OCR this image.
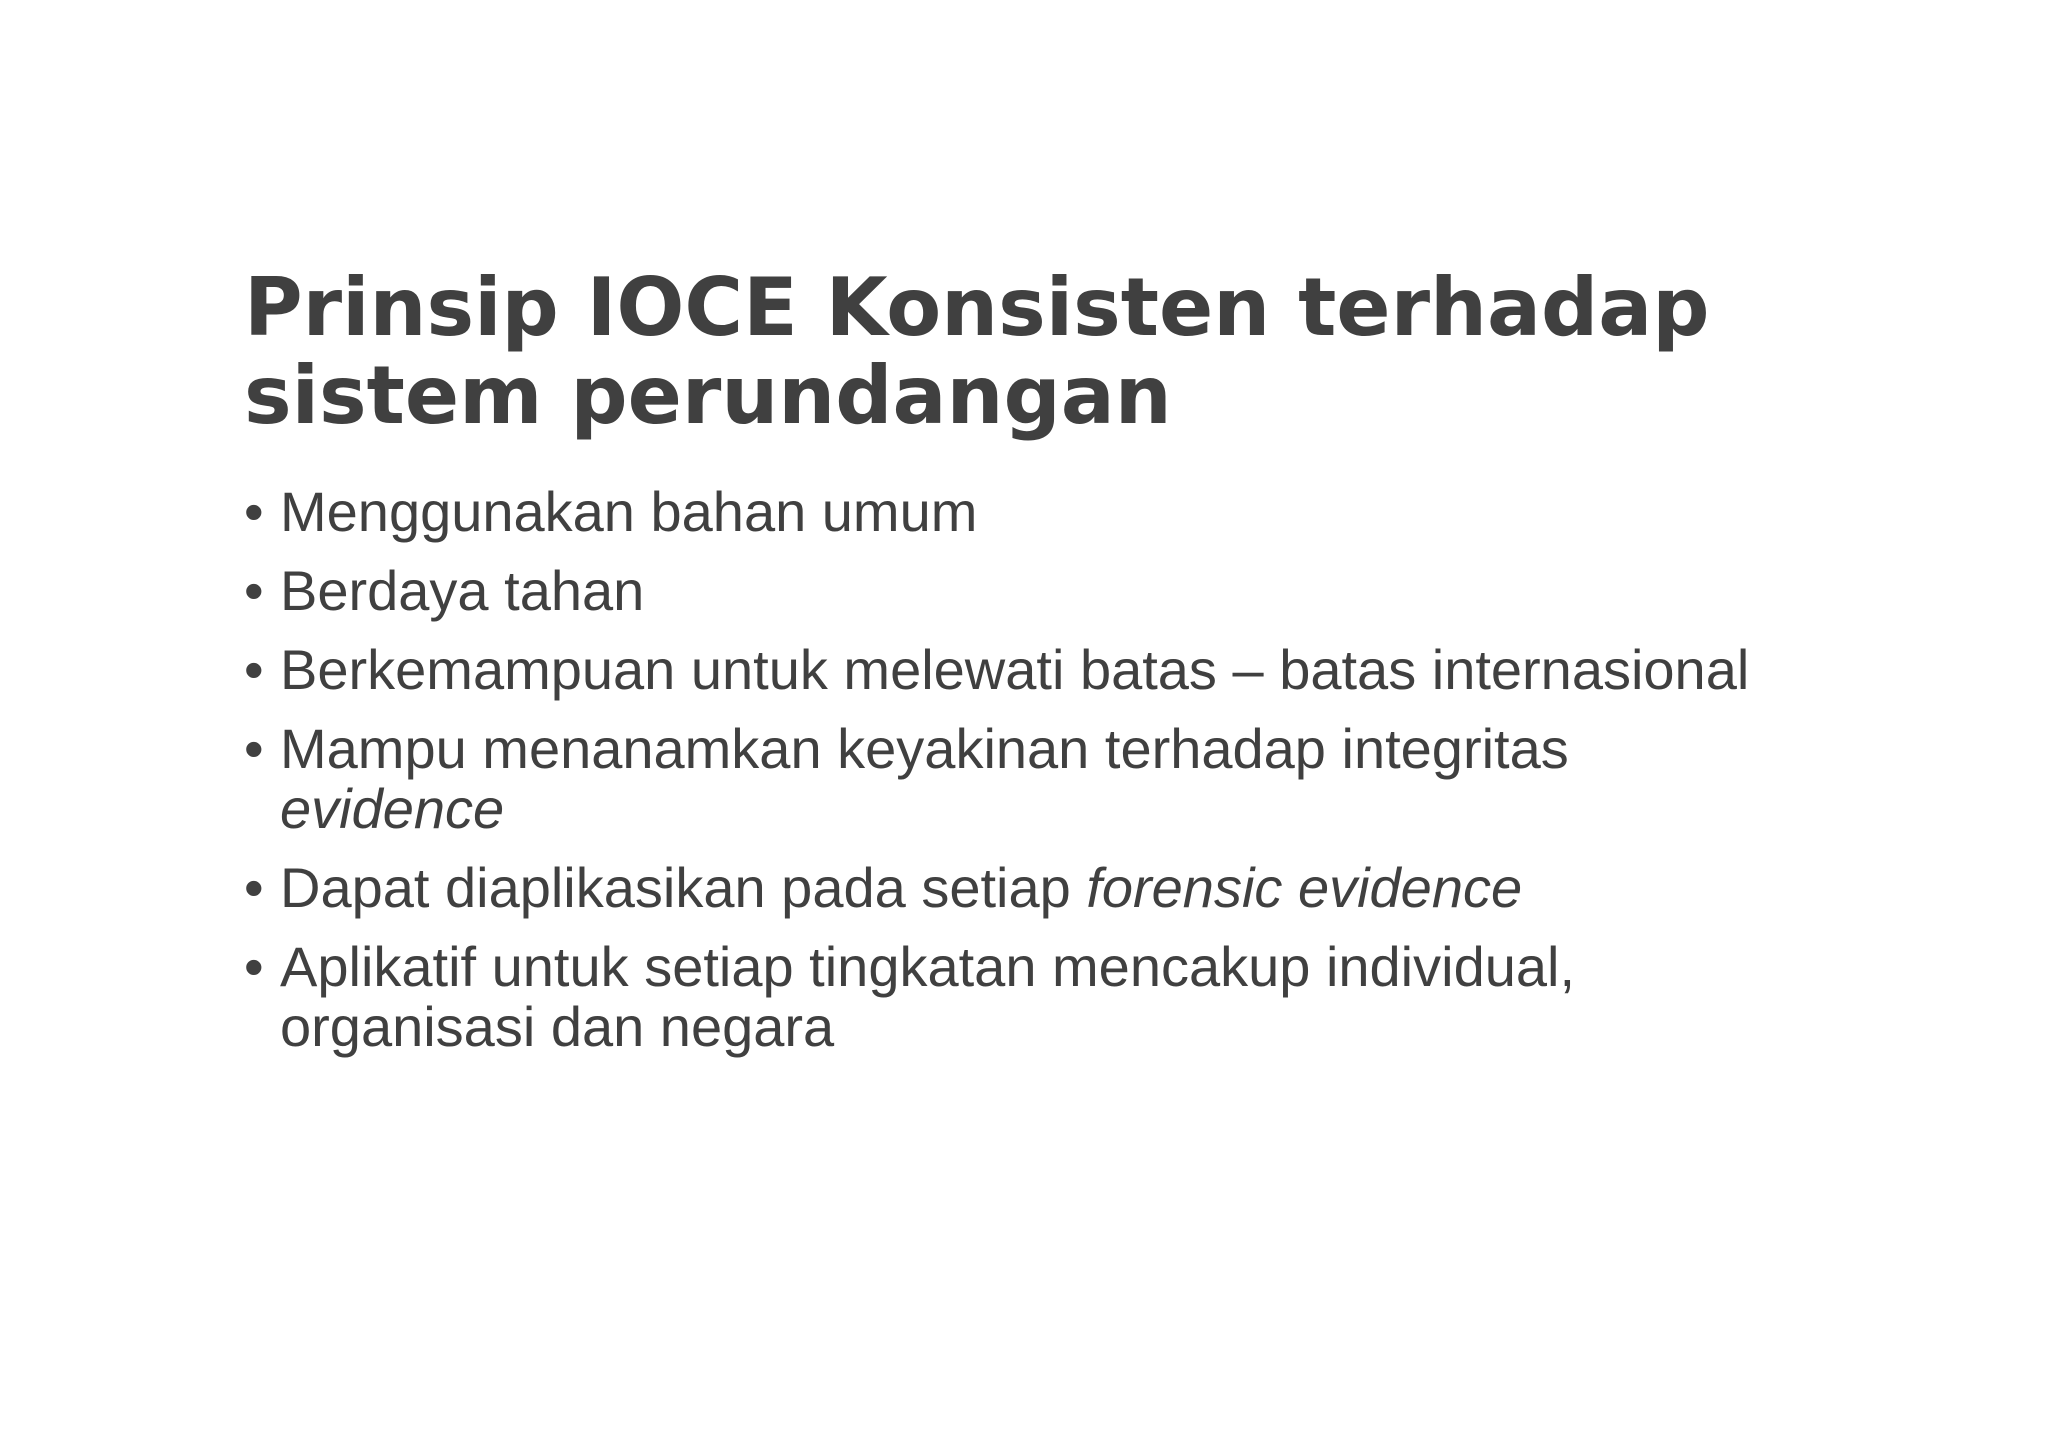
Prinsip IOCE Konsisten terhadap
sistem perundangan
• Menggunakan bahan umum
• Berdaya tahan
• Berkemampuan untuk melewati batas – batas internasional
• Mampu menanamkan keyakinan terhadap integritas
evidence
• Dapat diaplikasikan pada setiap forensic evidence
• Aplikatif untuk setiap tingkatan mencakup individual,
organisasi dan negara
